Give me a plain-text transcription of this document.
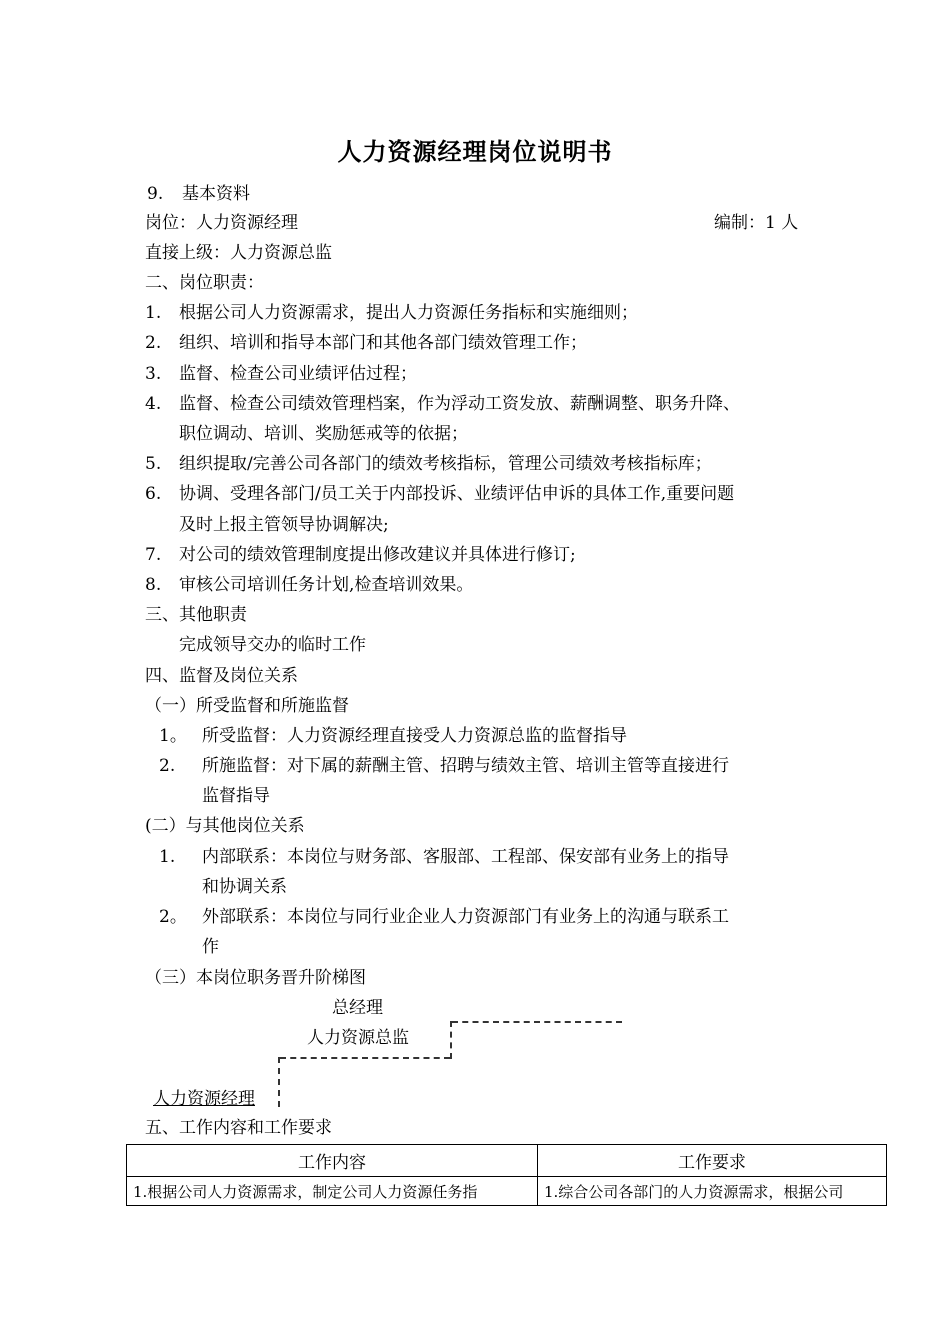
人力资源经理岗位说明书
9. 基本资料
岗位：人力资源经理	编制：1 人
直接上级：人力资源总监
二、岗位职责：
1. 根据公司人力资源需求，提出人力资源任务指标和实施细则；
2. 组织、培训和指导本部门和其他各部门绩效管理工作；
3. 监督、检查公司业绩评估过程；
4. 监督、检查公司绩效管理档案，作为浮动工资发放、薪酬调整、职务升降、
职位调动、培训、奖励惩戒等的依据；
5. 组织提取/完善公司各部门的绩效考核指标，管理公司绩效考核指标库；
6. 协调、受理各部门/员工关于内部投诉、业绩评估申诉的具体工作,重要问题
及时上报主管领导协调解决;
7. 对公司的绩效管理制度提出修改建议并具体进行修订;
8. 审核公司培训任务计划,检查培训效果。
三、其他职责
完成领导交办的临时工作
四、监督及岗位关系
（一）所受监督和所施监督
1。 所受监督：人力资源经理直接受人力资源总监的监督指导
2. 所施监督：对下属的薪酬主管、招聘与绩效主管、培训主管等直接进行
监督指导
(二）与其他岗位关系
1. 内部联系：本岗位与财务部、客服部、工程部、保安部有业务上的指导
和协调关系
2。 外部联系：本岗位与同行业企业人力资源部门有业务上的沟通与联系工
作
（三）本岗位职务晋升阶梯图
总经理
人力资源总监
人力资源经理
五、工作内容和工作要求
工作内容	工作要求
1.根据公司人力资源需求，制定公司人力资源任务指	1.综合公司各部门的人力资源需求，根据公司
